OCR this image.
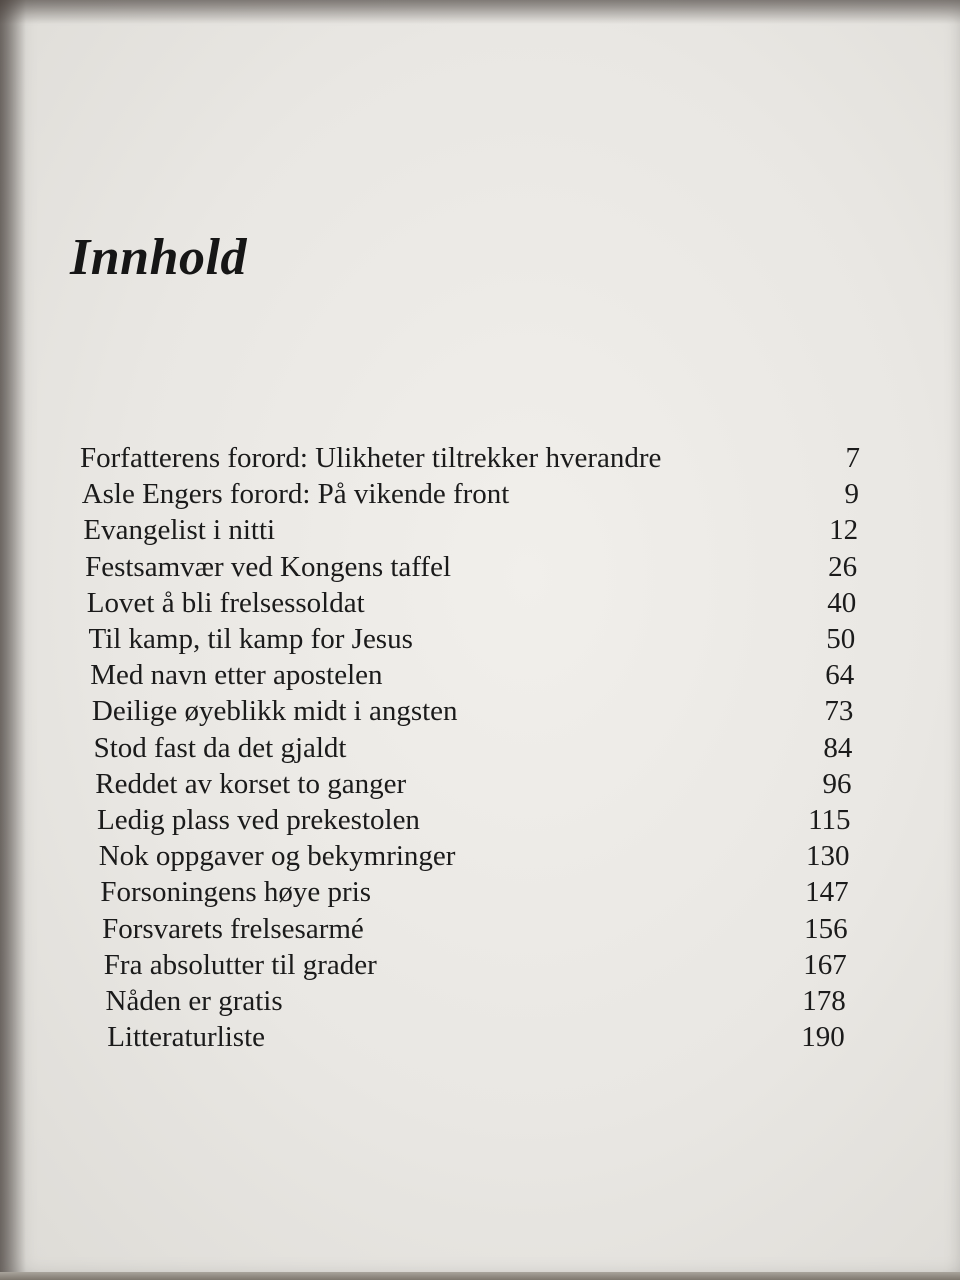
Innhold
Forfatterens forord: Ulikheter tiltrekker hverandre	7
Asle Engers forord: På vikende front	9
Evangelist i nitti	12
Festsamvær ved Kongens taffel	26
Lovet å bli frelsessoldat	40
Til kamp, til kamp for Jesus	50
Med navn etter apostelen	64
Deilige øyeblikk midt i angsten	73
Stod fast da det gjaldt	84
Reddet av korset to ganger	96
Ledig plass ved prekestolen	115
Nok oppgaver og bekymringer	130
Forsoningens høye pris	147
Forsvarets frelsesarmé	156
Fra absolutter til grader	167
Nåden er gratis	178
Litteraturliste	190
